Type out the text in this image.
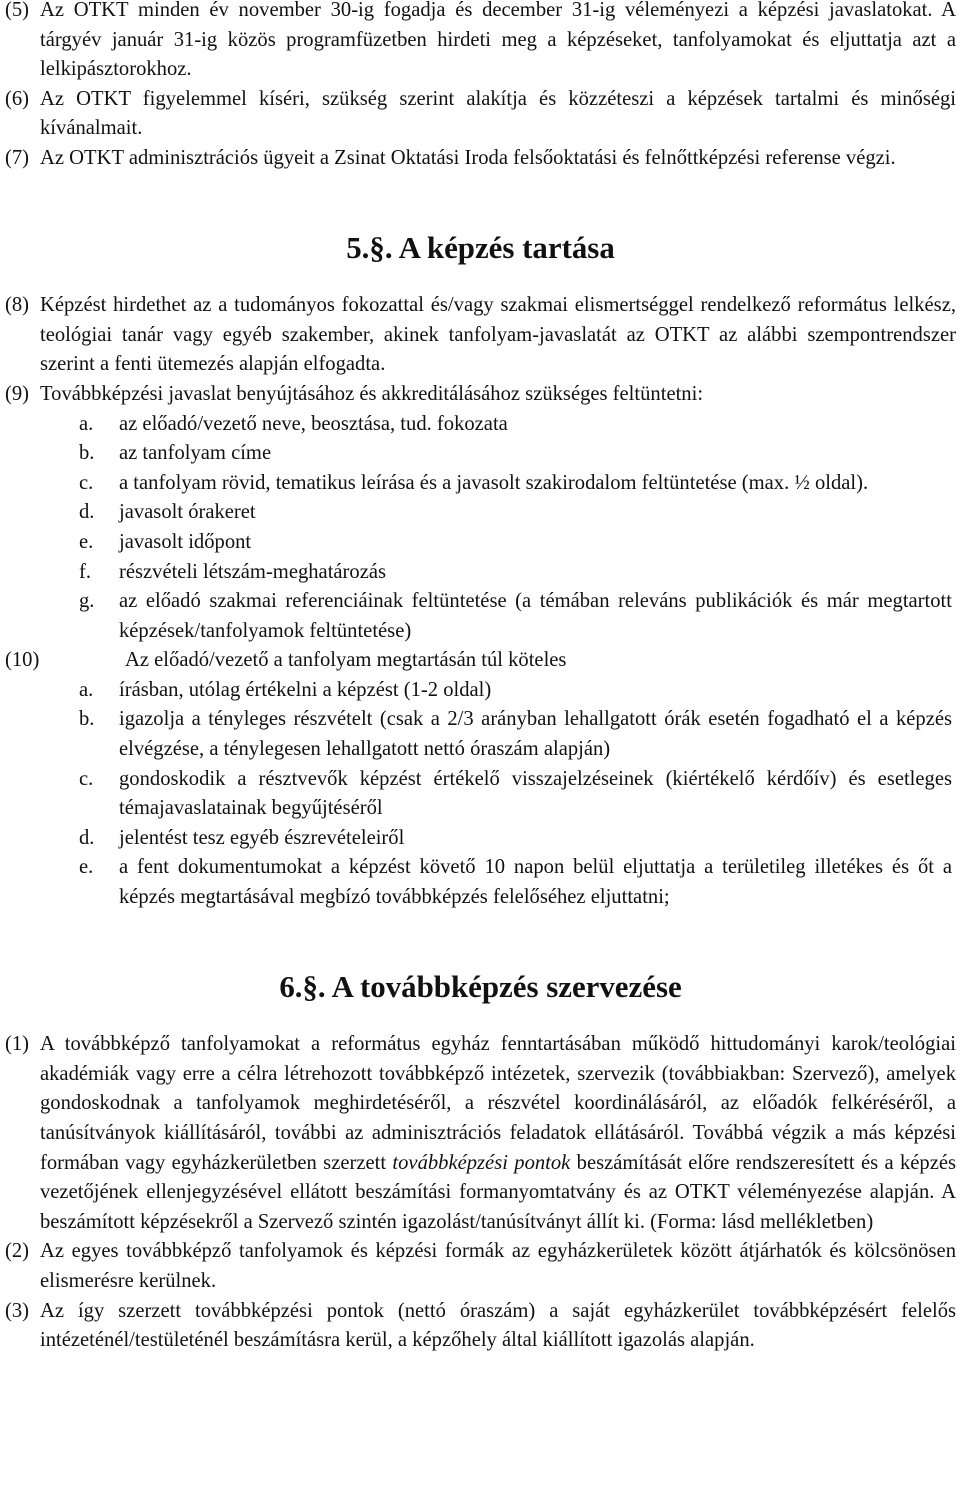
(5) Az OTKT minden év november 30-ig fogadja és december 31-ig véleményezi a képzési javaslatokat. A tárgyév január 31-ig közös programfüzetben hirdeti meg a képzéseket, tanfolyamokat és eljuttatja azt a lelkipásztorokhoz.

(6) Az OTKT figyelemmel kíséri, szükség szerint alakítja és közzéteszi a képzések tartalmi és minőségi kívánalmait.

(7) Az OTKT adminisztrációs ügyeit a Zsinat Oktatási Iroda felsőoktatási és felnőttképzési referense végzi.

5.§. A képzés tartása

(8) Képzést hirdethet az a tudományos fokozattal és/vagy szakmai elismertséggel rendelkező református lelkész, teológiai tanár vagy egyéb szakember, akinek tanfolyam-javaslatát az OTKT az alábbi szempontrendszer szerint a fenti ütemezés alapján elfogadta.

(9) Továbbképzési javaslat benyújtásához és akkreditálásához szükséges feltüntetni:

a. az előadó/vezető neve, beosztása, tud. fokozata
b. az tanfolyam címe
c. a tanfolyam rövid, tematikus leírása és a javasolt szakirodalom feltüntetése (max. ½ oldal).
d. javasolt órakeret
e. javasolt időpont
f. részvételi létszám-meghatározás
g. az előadó szakmai referenciáinak feltüntetése (a témában releváns publikációk és már megtartott képzések/tanfolyamok feltüntetése)

(10)	Az előadó/vezető a tanfolyam megtartásán túl köteles

a. írásban, utólag értékelni a képzést (1-2 oldal)
b. igazolja a tényleges részvételt (csak a 2/3 arányban lehallgatott órák esetén fogadható el a képzés elvégzése, a ténylegesen lehallgatott nettó óraszám alapján)
c. gondoskodik a résztvevők képzést értékelő visszajelzéseinek (kiértékelő kérdőív) és esetleges témajavaslatainak begyűjtéséről
d. jelentést tesz egyéb észrevételeiről
e. a fent dokumentumokat a képzést követő 10 napon belül eljuttatja a területileg illetékes és őt a képzés megtartásával megbízó továbbképzés felelőséhez eljuttatni;
6.§. A továbbképzés szervezése

(1) A továbbképző tanfolyamokat a református egyház fenntartásában működő hittudományi karok/teológiai akadémiák vagy erre a célra létrehozott továbbképző intézetek, szervezik (továbbiakban: Szervező), amelyek gondoskodnak a tanfolyamok meghirdetéséről, a részvétel koordinálásáról, az előadók felkéréséről, a tanúsítványok kiállításáról, további az adminisztrációs feladatok ellátásáról. Továbbá végzik a más képzési formában vagy egyházkerületben szerzett továbbképzési pontok beszámítását előre rendszeresített és a képzés vezetőjének ellenjegyzésével ellátott beszámítási formanyomtatvány és az OTKT véleményezése alapján. A beszámított képzésekről a Szervező szintén igazolást/tanúsítványt állít ki. (Forma: lásd mellékletben)

(2) Az egyes továbbképző tanfolyamok és képzési formák az egyházkerületek között átjárhatók és kölcsönösen elismerésre kerülnek.

(3) Az így szerzett továbbképzési pontok (nettó óraszám) a saját egyházkerület továbbképzésért felelős intézeténél/testületénél beszámításra kerül, a képzőhely által kiállított igazolás alapján.
